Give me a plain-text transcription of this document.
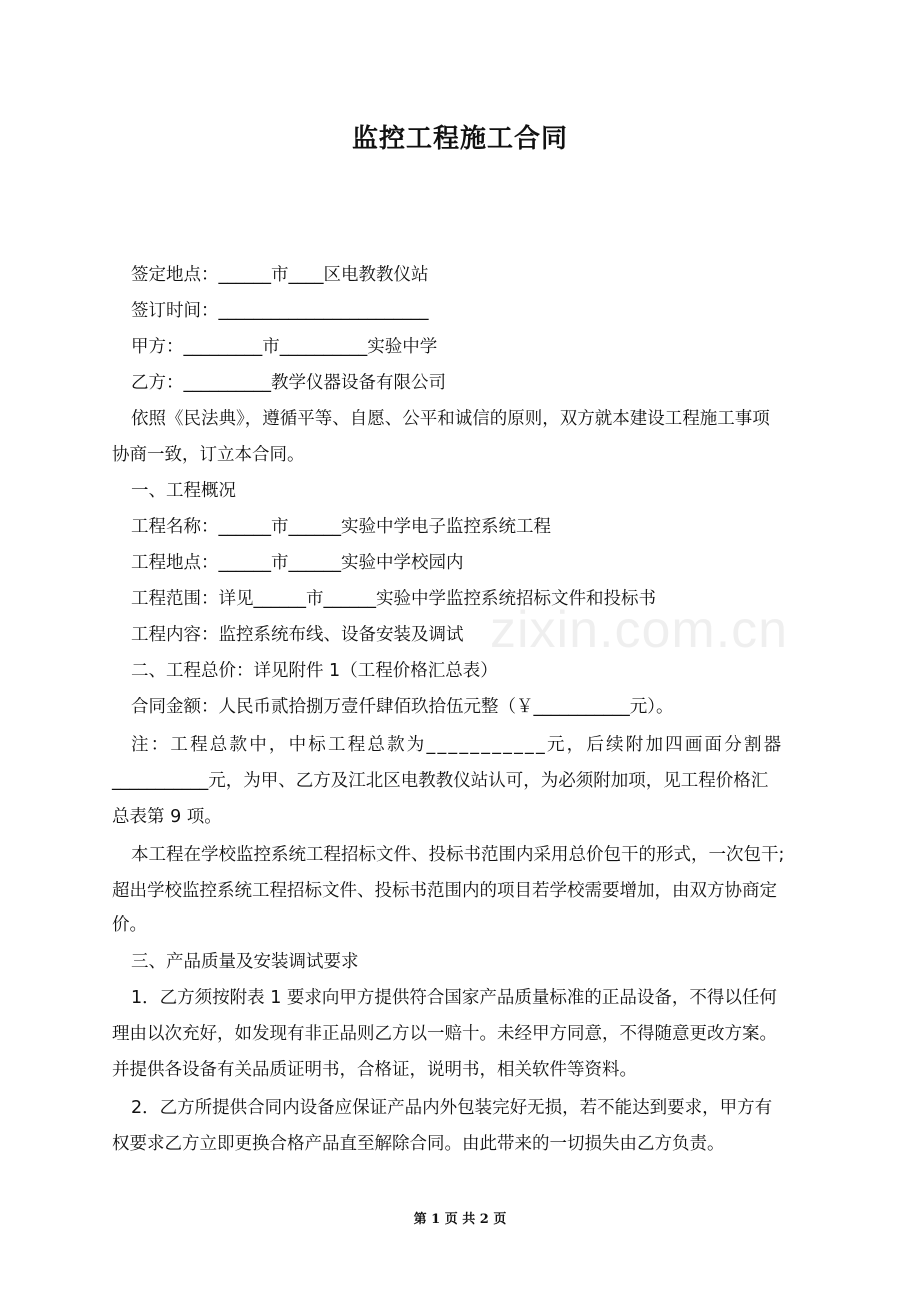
监控工程施工合同
签定地点：______市____区电教教仪站
签订时间：________________________
甲方：_________市__________实验中学
乙方：__________教学仪器设备有限公司
依照《民法典》，遵循平等、自愿、公平和诚信的原则，双方就本建设工程施工事项
协商一致，订立本合同。
一、工程概况
工程名称：______市______实验中学电子监控系统工程
工程地点：______市______实验中学校园内
工程范围：详见______市______实验中学监控系统招标文件和投标书
工程内容：监控系统布线、设备安装及调试
二、工程总价：详见附件 1（工程价格汇总表）
合同金额：人民币贰拾捌万壹仟肆佰玖拾伍元整（￥___________元）。
注：工程总款中，中标工程总款为___________元，后续附加四画面分割器
___________元，为甲、乙方及江北区电教教仪站认可，为必须附加项，见工程价格汇
总表第 9 项。
本工程在学校监控系统工程招标文件、投标书范围内采用总价包干的形式，一次包干;
超出学校监控系统工程招标文件、投标书范围内的项目若学校需要增加，由双方协商定
价。
三、产品质量及安装调试要求
1．乙方须按附表 1 要求向甲方提供符合国家产品质量标准的正品设备，不得以任何
理由以次充好，如发现有非正品则乙方以一赔十。未经甲方同意，不得随意更改方案。
并提供各设备有关品质证明书，合格证，说明书，相关软件等资料。
2．乙方所提供合同内设备应保证产品内外包装完好无损，若不能达到要求，甲方有
权要求乙方立即更换合格产品直至解除合同。由此带来的一切损失由乙方负责。
zixin.com.cn
第 1 页 共 2 页
